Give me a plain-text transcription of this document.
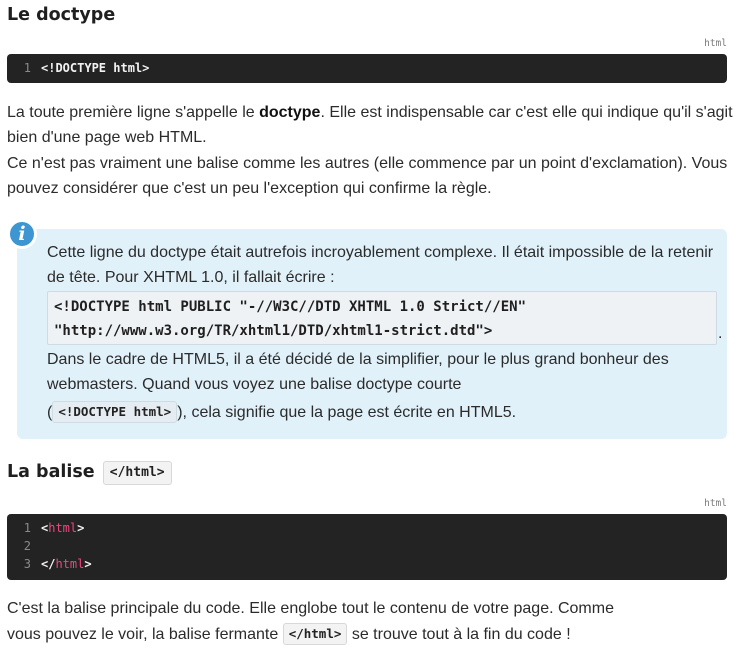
Le doctype
html
1 <!DOCTYPE html>

La toute première ligne s'appelle le doctype. Elle est indispensable car c'est elle qui indique qu'il s'agit bien d'une page web HTML.

Ce n'est pas vraiment une balise comme les autres (elle commence par un point d'exclamation). Vous pouvez considérer que c'est un peu l'exception qui confirme la règle.

i

Cette ligne du doctype était autrefois incroyablement complexe. Il était impossible de la retenir de tête. Pour XHTML 1.0, il fallait écrire :

<!DOCTYPE html PUBLIC "-//W3C//DTD XHTML 1.0 Strict//EN"
"http://www.w3.org/TR/xhtml1/DTD/xhtml1-strict.dtd">	.

Dans le cadre de HTML5, il a été décidé de la simplifier, pour le plus grand bonheur des webmasters. Quand vous voyez une balise doctype courte

( <!DOCTYPE html> ), cela signifie que la page est écrite en HTML5.

La balise </html>
html
1 < html >
2
3 </ html >

C'est la balise principale du code. Elle englobe tout le contenu de votre page. Comme

vous pouvez le voir, la balise fermante </html> se trouve tout à la fin du code !
